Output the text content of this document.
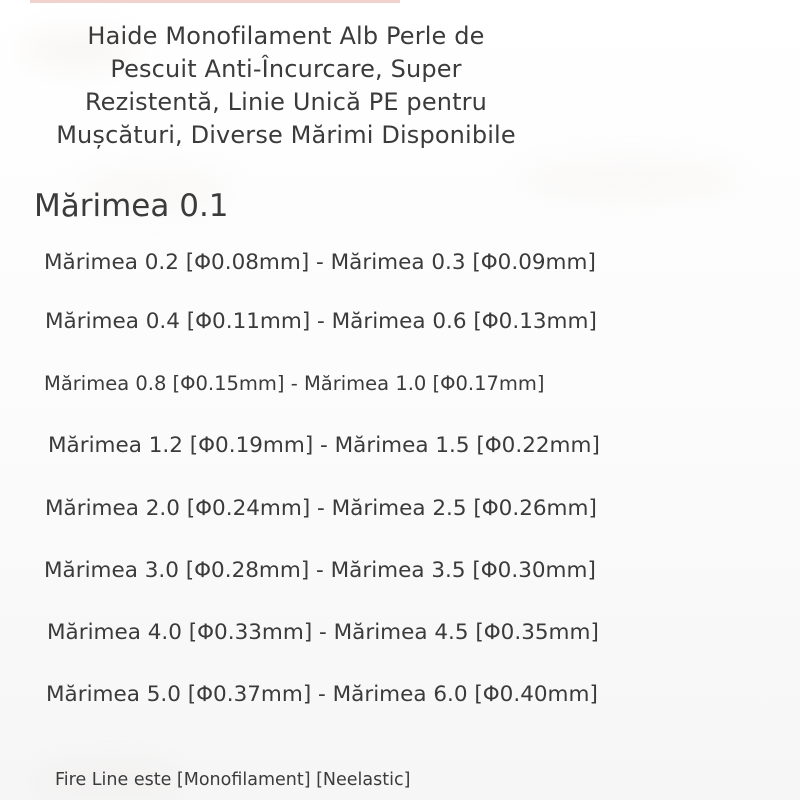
Haide Monofilament Alb Perle de
Pescuit Anti-Încurcare, Super
Rezistentă, Linie Unică PE pentru
Mușcături, Diverse Mărimi Disponibile
Mărimea 0.1
Mărimea 0.2 [Φ0.08mm] - Mărimea 0.3 [Φ0.09mm]
Mărimea 0.4 [Φ0.11mm] - Mărimea 0.6 [Φ0.13mm]
Mărimea 0.8 [Φ0.15mm] - Mărimea 1.0 [Φ0.17mm]
Mărimea 1.2 [Φ0.19mm] - Mărimea 1.5 [Φ0.22mm]
Mărimea 2.0 [Φ0.24mm] - Mărimea 2.5 [Φ0.26mm]
Mărimea 3.0 [Φ0.28mm] - Mărimea 3.5 [Φ0.30mm]
Mărimea 4.0 [Φ0.33mm] - Mărimea 4.5 [Φ0.35mm]
Mărimea 5.0 [Φ0.37mm] - Mărimea 6.0 [Φ0.40mm]
Fire Line este [Monofilament] [Neelastic]
